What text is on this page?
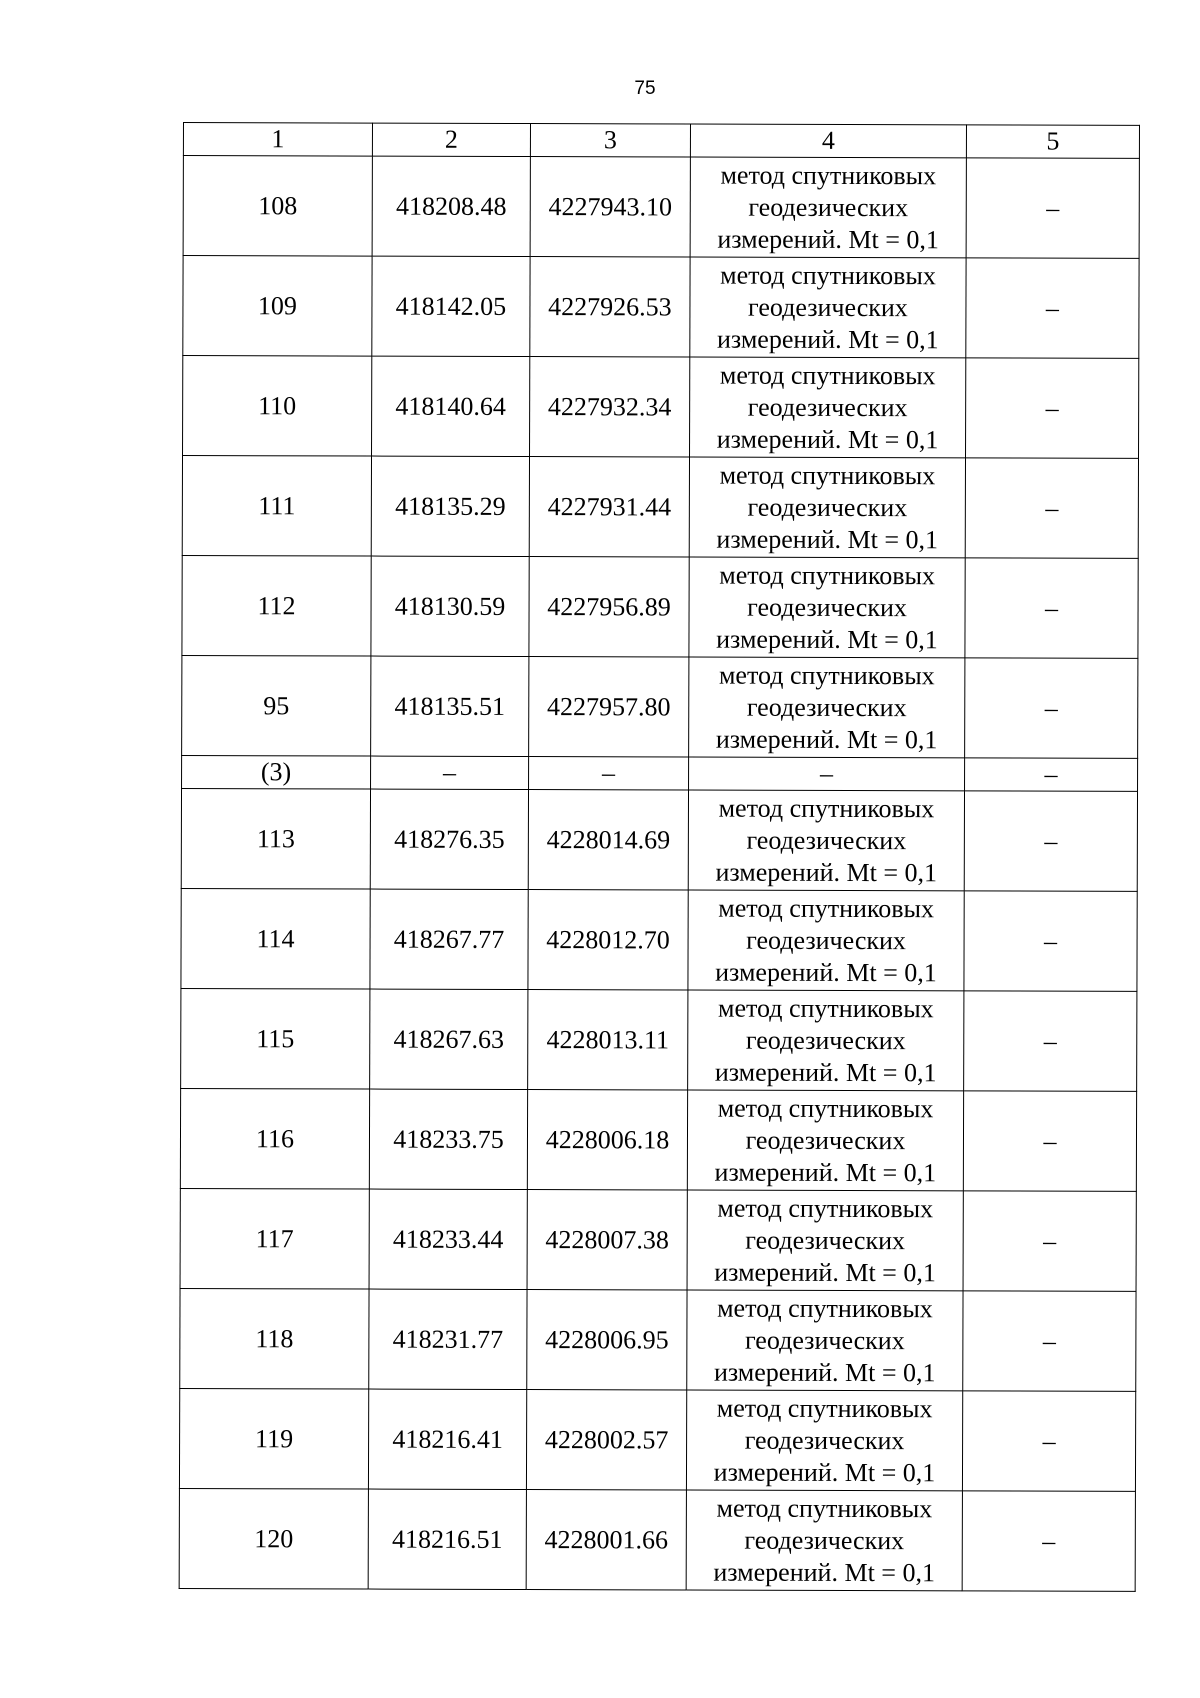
75
1	2	3	4	5
108	418208.48	4227943.10	метод спутниковых
геодезических
измерений. Mt = 0,1	–
109	418142.05	4227926.53	метод спутниковых
геодезических
измерений. Mt = 0,1	–
110	418140.64	4227932.34	метод спутниковых
геодезических
измерений. Mt = 0,1	–
111	418135.29	4227931.44	метод спутниковых
геодезических
измерений. Mt = 0,1	–
112	418130.59	4227956.89	метод спутниковых
геодезических
измерений. Mt = 0,1	–
95	418135.51	4227957.80	метод спутниковых
геодезических
измерений. Mt = 0,1	–
(3)	–	–	–	–
113	418276.35	4228014.69	метод спутниковых
геодезических
измерений. Mt = 0,1	–
114	418267.77	4228012.70	метод спутниковых
геодезических
измерений. Mt = 0,1	–
115	418267.63	4228013.11	метод спутниковых
геодезических
измерений. Mt = 0,1	–
116	418233.75	4228006.18	метод спутниковых
геодезических
измерений. Mt = 0,1	–
117	418233.44	4228007.38	метод спутниковых
геодезических
измерений. Mt = 0,1	–
118	418231.77	4228006.95	метод спутниковых
геодезических
измерений. Mt = 0,1	–
119	418216.41	4228002.57	метод спутниковых
геодезических
измерений. Mt = 0,1	–
120	418216.51	4228001.66	метод спутниковых
геодезических
измерений. Mt = 0,1	–
